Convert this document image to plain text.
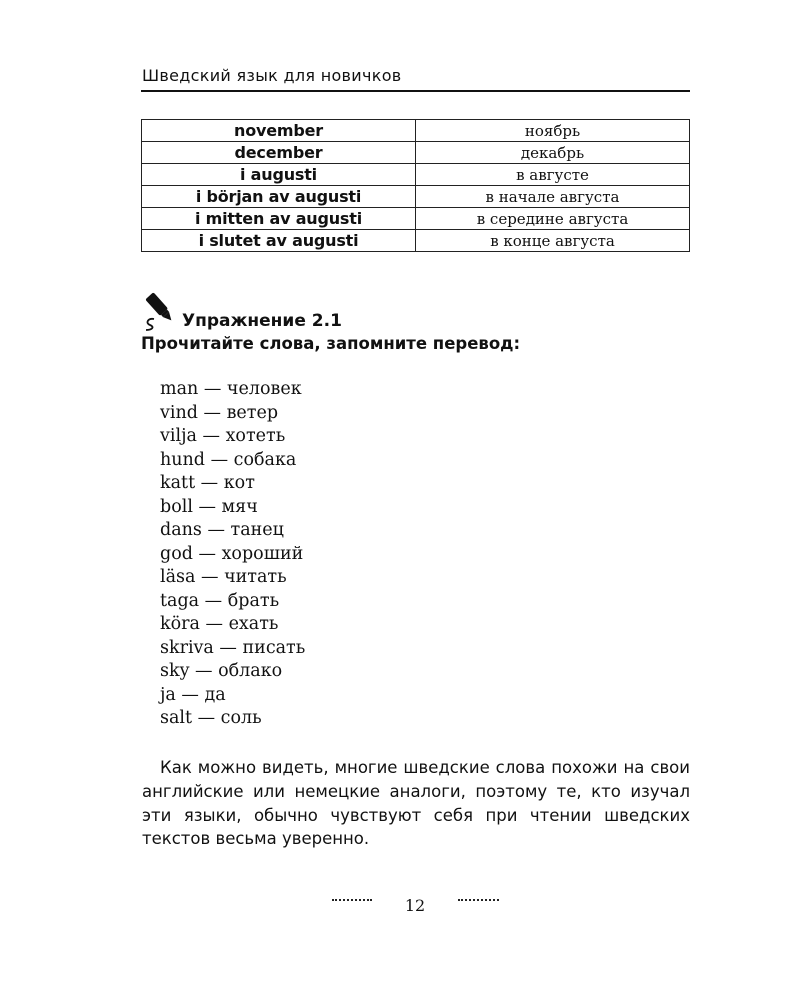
Шведский язык для новичков
november	ноябрь
december	декабрь
i augusti	в августе
i början av augusti	в начале августа
i mitten av augusti	в середине августа
i slutet av augusti	в конце августа
Упражнение 2.1
Прочитайте слова, запомните перевод:
man — человек
vind — ветер
vilja — хотеть
hund — собака
katt — кот
boll — мяч
dans — танец
god — хороший
läsa — читать
taga — брать
köra — ехать
skriva — писать
sky — облако
ja — да
salt — соль

Как можно видеть, многие шведские слова похожи на свои английские или немецкие аналоги, поэтому те, кто изучал эти языки, обычно чувствуют себя при чтении шведских текстов весьма уверенно.

12
